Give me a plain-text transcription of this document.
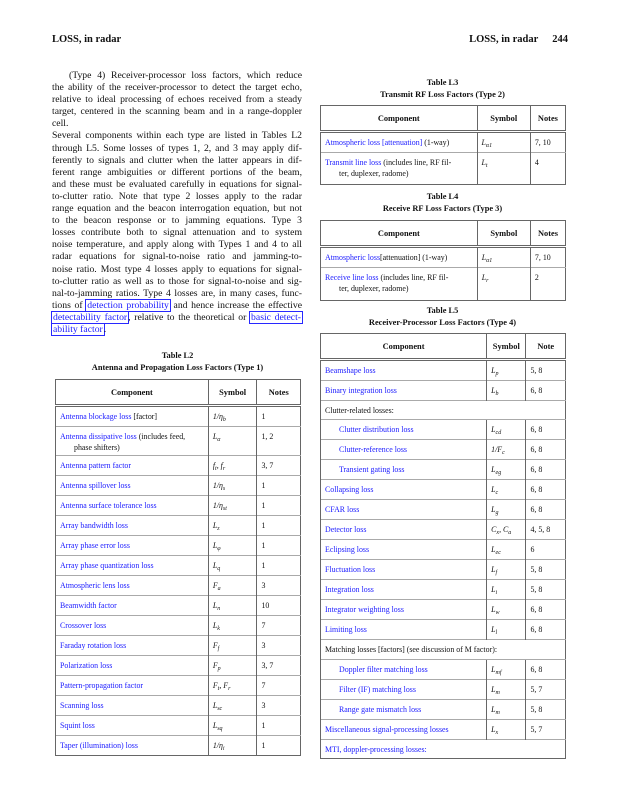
LOSS, in radar	LOSS, in radar 244
(Type 4) Receiver-processor loss factors, which reduce
the ability of the receiver-processor to detect the target echo,
relative to ideal processing of echoes received from a steady
target, centered in the scanning beam and in a range-doppler
cell.
Several components within each type are listed in Tables L2
through L5. Some losses of types 1, 2, and 3 may apply dif-
ferently to signals and clutter when the latter appears in dif-
ferent range ambiguities or different portions of the beam,
and these must be evaluated carefully in equations for signal-
to-clutter ratio. Note that type 2 losses apply to the radar
range equation and the beacon interrogation equation, but not
to the beacon response or to jamming equations. Type 3
losses contribute both to signal attenuation and to system
noise temperature, and apply along with Types 1 and 4 to all
radar equations for signal-to-noise ratio and jamming-to-
noise ratio. Most type 4 losses apply to equations for signal-
to-clutter ratio as well as to those for signal-to-noise and sig-
nal-to-jamming ratios. Type 4 losses are, in many cases, func-
tions of detection probability and hence increase the effective
detectability factor, relative to the theoretical or basic detect-
ability factor.
Table L2
Antenna and Propagation Loss Factors (Type 1)
Component	Symbol	Notes
Antenna blockage loss [factor]	$1/\eta_b$	1
Antenna dissipative loss (includes feed,
phase shifters)	$L_\alpha$	1, 2
Antenna pattern factor	$f_t$, $f_r$	3, 7
Antenna spillover loss	$1/\eta_s$	1
Antenna surface tolerance loss	$1/\eta_{st}$	1
Array bandwidth loss	$L_z$	1
Array phase error loss	$L_\varphi$	1
Array phase quantization loss	$L_q$	1
Atmospheric lens loss	$F_a$	3
Beamwidth factor	$L_n$	10
Crossover loss	$L_k$	7
Faraday rotation loss	$F_f$	3
Polarization loss	$F_p$	3, 7
Pattern-propagation factor	$F_t$, $F_r$	7
Scanning loss	$L_{sc}$	3
Squint loss	$L_{sq}$	1
Taper (illumination) loss	$1/\eta_i$	1
Table L3
Transmit RF Loss Factors (Type 2)
Component	Symbol	Notes
Atmospheric loss [attenuation] (1-way)	$L_{\alpha 1}$	7, 10
Transmit line loss (includes line, RF fil-
ter, duplexer, radome)	$L_t$	4
Table L4
Receive RF Loss Factors (Type 3)
Component	Symbol	Notes
Atmospheric loss[attenuation] (1-way)	$L_{\alpha 1}$	7, 10
Receive line loss (includes line, RF fil-
ter, duplexer, radome)	$L_r$	2
Table L5
Receiver-Processor Loss Factors (Type 4)
Component	Symbol	Note
Beamshape loss	$L_p$	5, 8
Binary integration loss	$L_b$	6, 8
Clutter-related losses:		
Clutter distribution loss	$L_{cd}$	6, 8
Clutter-reference loss	$1/F_c$	6, 8
Transient gating loss	$L_{eg}$	6, 8
Collapsing loss	$L_c$	6, 8
CFAR loss	$L_g$	6, 8
Detector loss	$C_x$, $C_a$	4, 5, 8
Eclipsing loss	$L_{ec}$	6
Fluctuation loss	$L_f$	5, 8
Integration loss	$L_i$	5, 8
Integrator weighting loss	$L_w$	6, 8
Limiting loss	$L_l$	6, 8
Matching losses [factors] (see discussion of M factor):		
Doppler filter matching loss	$L_{mf}$	6, 8
Filter (IF) matching loss	$L_m$	5, 7
Range gate mismatch loss	$L_m$	5, 8
Miscellaneous signal-processing losses	$L_x$	5, 7
MTI, doppler-processing losses:		
